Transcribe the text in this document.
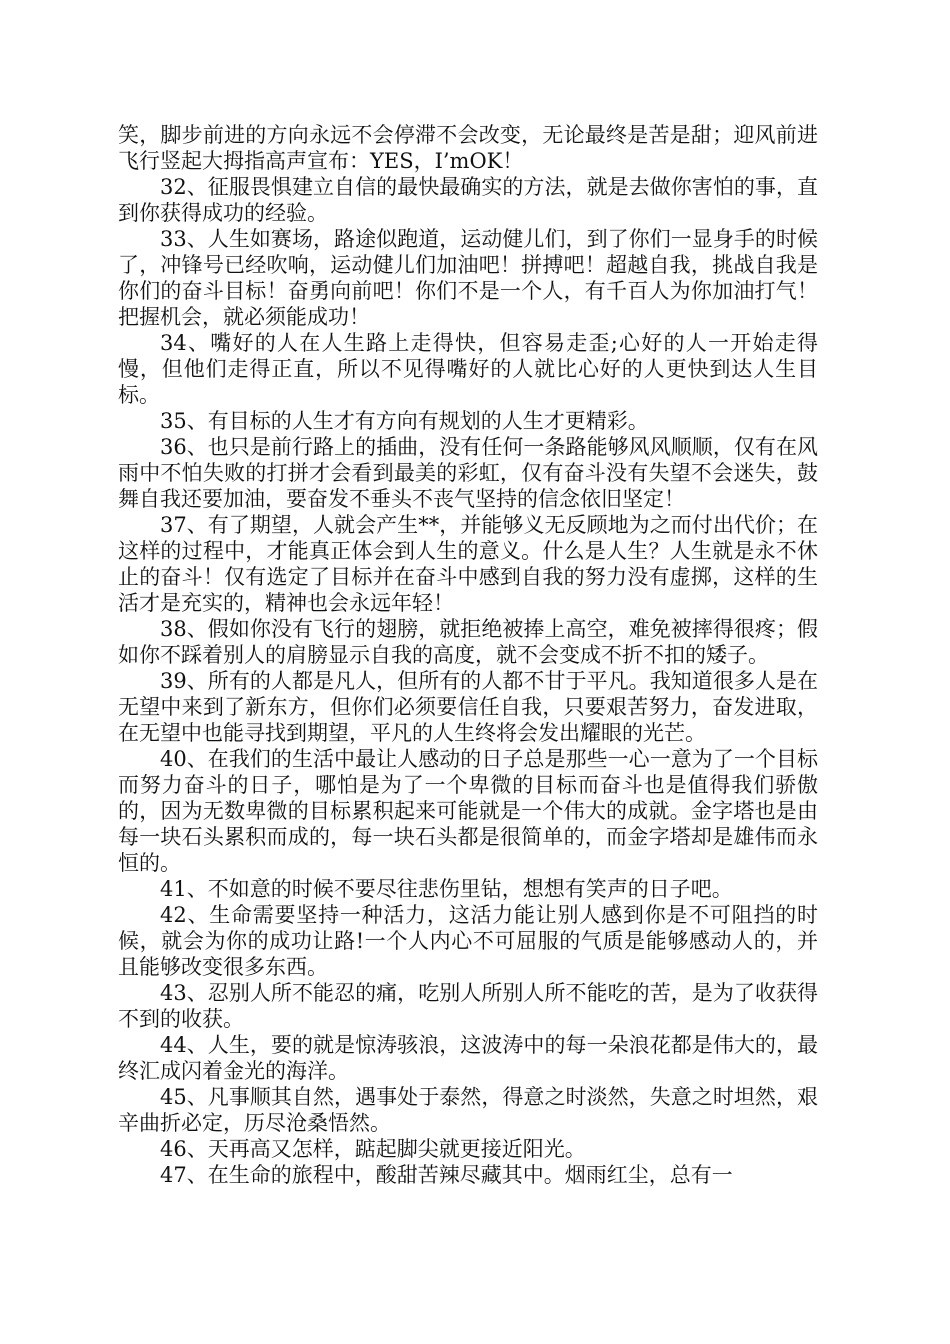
笑，脚步前进的方向永远不会停滞不会改变，无论最终是苦是甜；迎风前进飞行竖起大拇指高声宣布：YES，I’mOK！

32、征服畏惧建立自信的最快最确实的方法，就是去做你害怕的事，直到你获得成功的经验。

33、人生如赛场，路途似跑道，运动健儿们，到了你们一显身手的时候了，冲锋号已经吹响，运动健儿们加油吧！拼搏吧！超越自我，挑战自我是你们的奋斗目标！奋勇向前吧！你们不是一个人，有千百人为你加油打气！把握机会，就必须能成功！

34、嘴好的人在人生路上走得快，但容易走歪;心好的人一开始走得慢，但他们走得正直，所以不见得嘴好的人就比心好的人更快到达人生目标。

35、有目标的人生才有方向有规划的人生才更精彩。

36、也只是前行路上的插曲，没有任何一条路能够风风顺顺，仅有在风雨中不怕失败的打拼才会看到最美的彩虹，仅有奋斗没有失望不会迷失，鼓舞自我还要加油，要奋发不垂头不丧气坚持的信念依旧坚定！

37、有了期望，人就会产生**，并能够义无反顾地为之而付出代价；在这样的过程中，才能真正体会到人生的意义。什么是人生？人生就是永不休止的奋斗！仅有选定了目标并在奋斗中感到自我的努力没有虚掷，这样的生活才是充实的，精神也会永远年轻！

38、假如你没有飞行的翅膀，就拒绝被捧上高空，难免被摔得很疼；假如你不踩着别人的肩膀显示自我的高度，就不会变成不折不扣的矮子。

39、所有的人都是凡人，但所有的人都不甘于平凡。我知道很多人是在无望中来到了新东方，但你们必须要信任自我，只要艰苦努力，奋发进取，在无望中也能寻找到期望，平凡的人生终将会发出耀眼的光芒。

40、在我们的生活中最让人感动的日子总是那些一心一意为了一个目标而努力奋斗的日子，哪怕是为了一个卑微的目标而奋斗也是值得我们骄傲的，因为无数卑微的目标累积起来可能就是一个伟大的成就。金字塔也是由每一块石头累积而成的，每一块石头都是很简单的，而金字塔却是雄伟而永恒的。

41、不如意的时候不要尽往悲伤里钻，想想有笑声的日子吧。

42、生命需要坚持一种活力，这活力能让别人感到你是不可阻挡的时候，就会为你的成功让路!一个人内心不可屈服的气质是能够感动人的，并且能够改变很多东西。

43、忍别人所不能忍的痛，吃别人所别人所不能吃的苦，是为了收获得不到的收获。

44、人生，要的就是惊涛骇浪，这波涛中的每一朵浪花都是伟大的，最终汇成闪着金光的海洋。

45、凡事顺其自然，遇事处于泰然，得意之时淡然，失意之时坦然，艰辛曲折必定，历尽沧桑悟然。

46、天再高又怎样，踮起脚尖就更接近阳光。

47、在生命的旅程中，酸甜苦辣尽藏其中。烟雨红尘，总有一
